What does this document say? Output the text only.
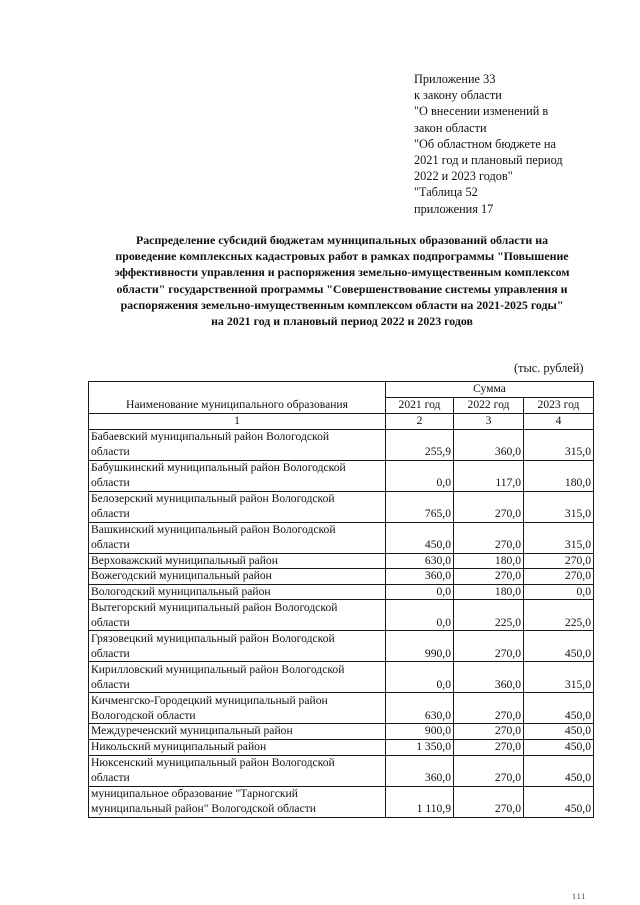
Приложение 33
к закону области
"О внесении изменений в
закон области
"Об областном бюджете на
2021 год и плановый период
2022 и 2023 годов"
"Таблица 52
приложения 17
Распределение субсидий бюджетам муниципальных образований области на
проведение комплексных кадастровых работ в рамках подпрограммы "Повышение
эффективности управления и распоряжения земельно-имущественным комплексом
области" государственной программы "Совершенствование системы управления и
распоряжения земельно-имущественным комплексом области на 2021-2025 годы"
на 2021 год и плановый период 2022 и 2023 годов
(тыс. рублей)
Наименование муниципального образования	Сумма		
	2021 год	2022 год	2023 год
1	2	3	4

Бабаевский муниципальный район Вологодской
области	255,9	360,0	315,0

Бабушкинский муниципальный район Вологодской
области	0,0	117,0	180,0

Белозерский муниципальный район Вологодской
области	765,0	270,0	315,0

Вашкинский муниципальный район Вологодской
области	450,0	270,0	315,0

Верховажский муниципальный район	630,0	180,0	270,0

Вожегодский муниципальный район	360,0	270,0	270,0

Вологодский муниципальный район	0,0	180,0	0,0

Вытегорский муниципальный район Вологодской
области	0,0	225,0	225,0

Грязовецкий муниципальный район Вологодской
области	990,0	270,0	450,0

Кирилловский муниципальный район Вологодской
области	0,0	360,0	315,0

Кичменгско-Городецкий муниципальный район
Вологодской области	630,0	270,0	450,0

Междуреченский муниципальный район	900,0	270,0	450,0

Никольский муниципальный район	1 350,0	270,0	450,0

Нюксенский муниципальный район Вологодской
области	360,0	270,0	450,0

муниципальное образование "Тарногский
муниципальный район" Вологодской области	1 110,9	270,0	450,0
111
